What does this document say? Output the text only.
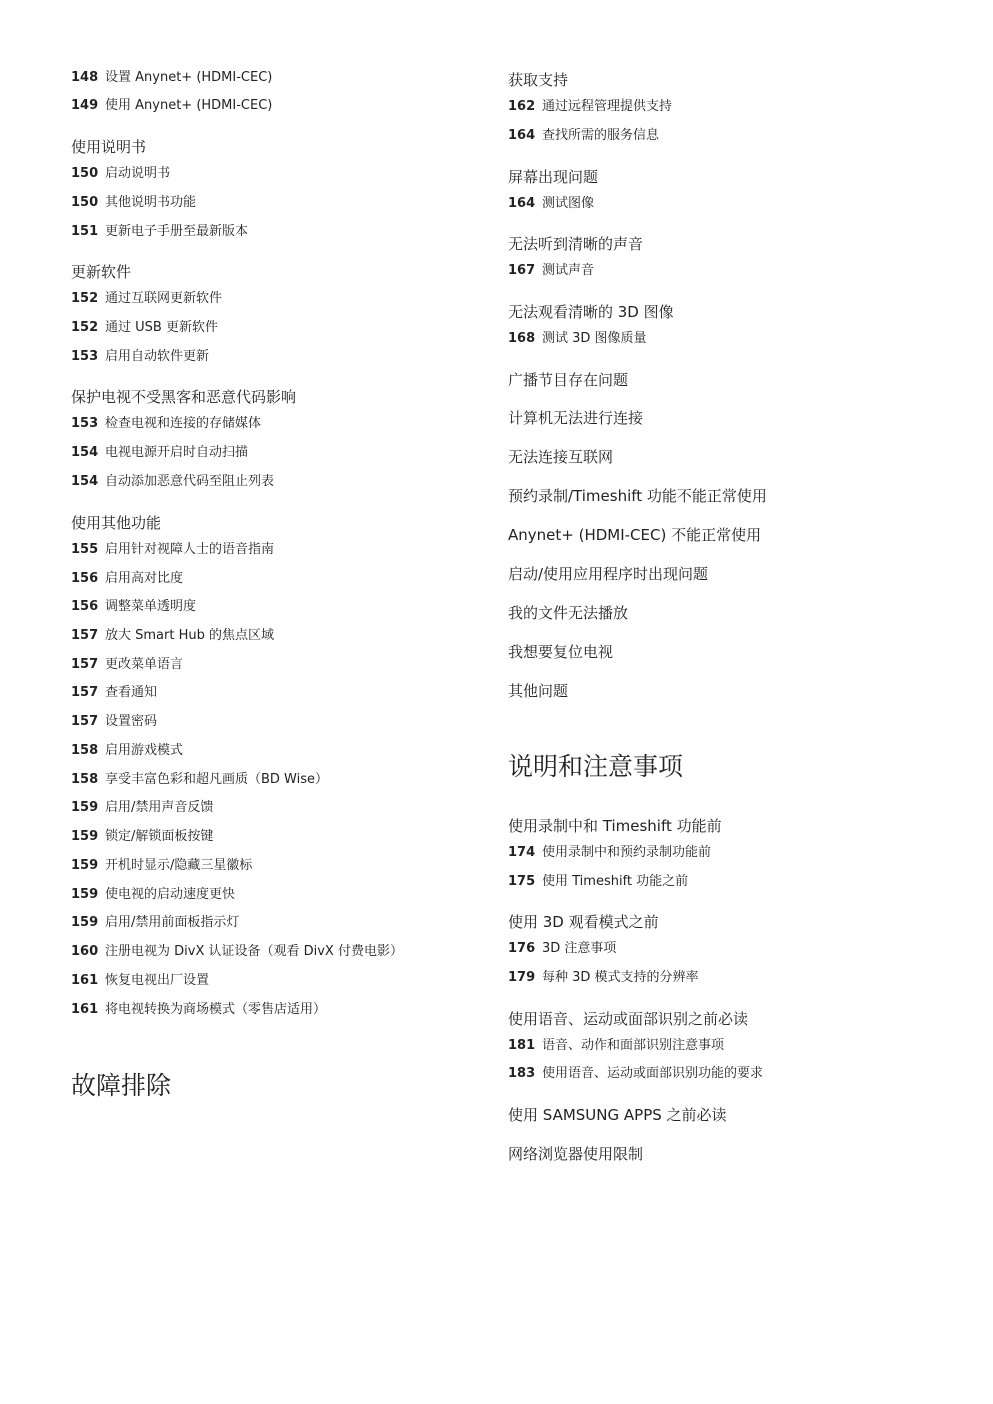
148 设置 Anynet+ (HDMI-CEC)
149 使用 Anynet+ (HDMI-CEC)
使用说明书
150 启动说明书
150 其他说明书功能
151 更新电子手册至最新版本
更新软件
152 通过互联网更新软件
152 通过 USB 更新软件
153 启用自动软件更新
保护电视不受黑客和恶意代码影响
153 检查电视和连接的存储媒体
154 电视电源开启时自动扫描
154 自动添加恶意代码至阻止列表
使用其他功能
155 启用针对视障人士的语音指南
156 启用高对比度
156 调整菜单透明度
157 放大 Smart Hub 的焦点区域
157 更改菜单语言
157 查看通知
157 设置密码
158 启用游戏模式
158 享受丰富色彩和超凡画质（BD Wise）
159 启用/禁用声音反馈
159 锁定/解锁面板按键
159 开机时显示/隐藏三星徽标
159 使电视的启动速度更快
159 启用/禁用前面板指示灯
160 注册电视为 DivX 认证设备（观看 DivX 付费电影）
161 恢复电视出厂设置
161 将电视转换为商场模式（零售店适用）
故障排除
获取支持
162 通过远程管理提供支持
164 查找所需的服务信息
屏幕出现问题
164 测试图像
无法听到清晰的声音
167 测试声音
无法观看清晰的 3D 图像
168 测试 3D 图像质量
广播节目存在问题
计算机无法进行连接
无法连接互联网
预约录制/Timeshift 功能不能正常使用
Anynet+ (HDMI-CEC) 不能正常使用
启动/使用应用程序时出现问题
我的文件无法播放
我想要复位电视
其他问题
说明和注意事项
使用录制中和 Timeshift 功能前
174 使用录制中和预约录制功能前
175 使用 Timeshift 功能之前
使用 3D 观看模式之前
176 3D 注意事项
179 每种 3D 模式支持的分辨率
使用语音、运动或面部识别之前必读
181 语音、动作和面部识别注意事项
183 使用语音、运动或面部识别功能的要求
使用 SAMSUNG APPS 之前必读
网络浏览器使用限制
